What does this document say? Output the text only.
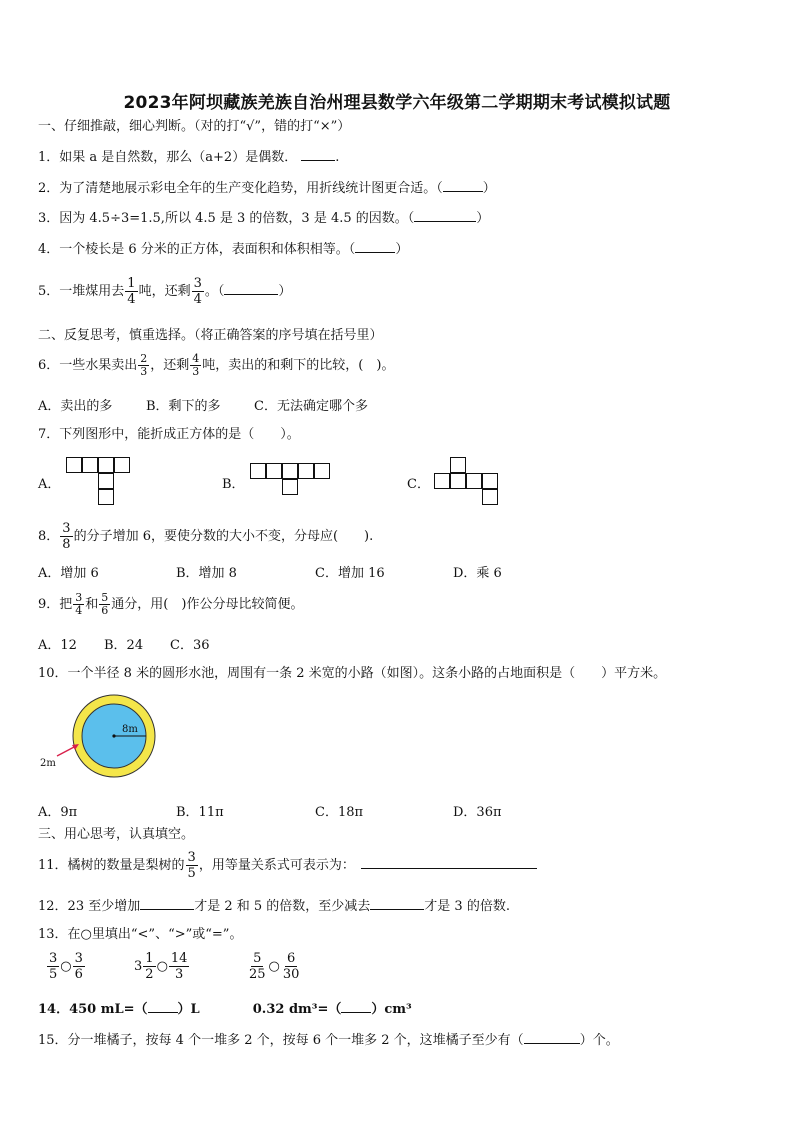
2023年阿坝藏族羌族自治州理县数学六年级第二学期期末考试模拟试题
一、仔细推敲，细心判断。（对的打“√”，错的打“×”）
1．如果 a 是自然数，那么（a+2）是偶数．	.
2．为了清楚地展示彩电全年的生产变化趋势，用折线统计图更合适。（	）
3．因为 4.5÷3=1.5,所以 4.5 是 3 的倍数，3 是 4.5 的因数。（	）
4．一个棱长是 6 分米的正方体，表面积和体积相等。（	）
5．一堆煤用去 $\frac{1}{4}$ 吨，还剩 $\frac{3}{4}$ 。（	）
二、反复思考，慎重选择。（将正确答案的序号填在括号里）
6．一些水果卖出 $\frac{2}{3}$ ，还剩 $\frac{4}{3}$ 吨，卖出的和剩下的比较，(　)。
A．卖出的多	B．剩下的多	C．无法确定哪个多
7．下列图形中，能折成正方体的是（　　）。
A．	B．	C．
8． $\frac{3}{8}$ 的分子增加 6，要使分数的大小不变，分母应(　　).
A．增加 6	B．增加 8	C．增加 16	D．乘 6
9．把 $\frac{3}{4}$ 和 $\frac{5}{6}$ 通分，用(　)作公分母比较简便。
A．12 B．24 C．36
10．一个半径 8 米的圆形水池，周围有一条 2 米宽的小路（如图）。这条小路的占地面积是（　　）平方米。
8m
2m
A．9π	B．11π	C．18π	D．36π
三、用心思考，认真填空。
11．橘树的数量是梨树的 $\frac{3}{5}$ ，用等量关系式可表示为：
12．23 至少增加	才是 2 和 5 的倍数，至少减去	才是 3 的倍数.
13．在○里填出“<”、“>”或“=”。
$\frac{3}{5}$ ○ $\frac{3}{6}$	$3 \frac{1}{2}$ ○ $\frac{14}{3}$	$\frac{5}{25}$ ○ $\frac{6}{30}$
14．450 mL=（ ）L	0.32 dm³=（ ）cm³
15．分一堆橘子，按每 4 个一堆多 2 个，按每 6 个一堆多 2 个，这堆橘子至少有（	）个。
